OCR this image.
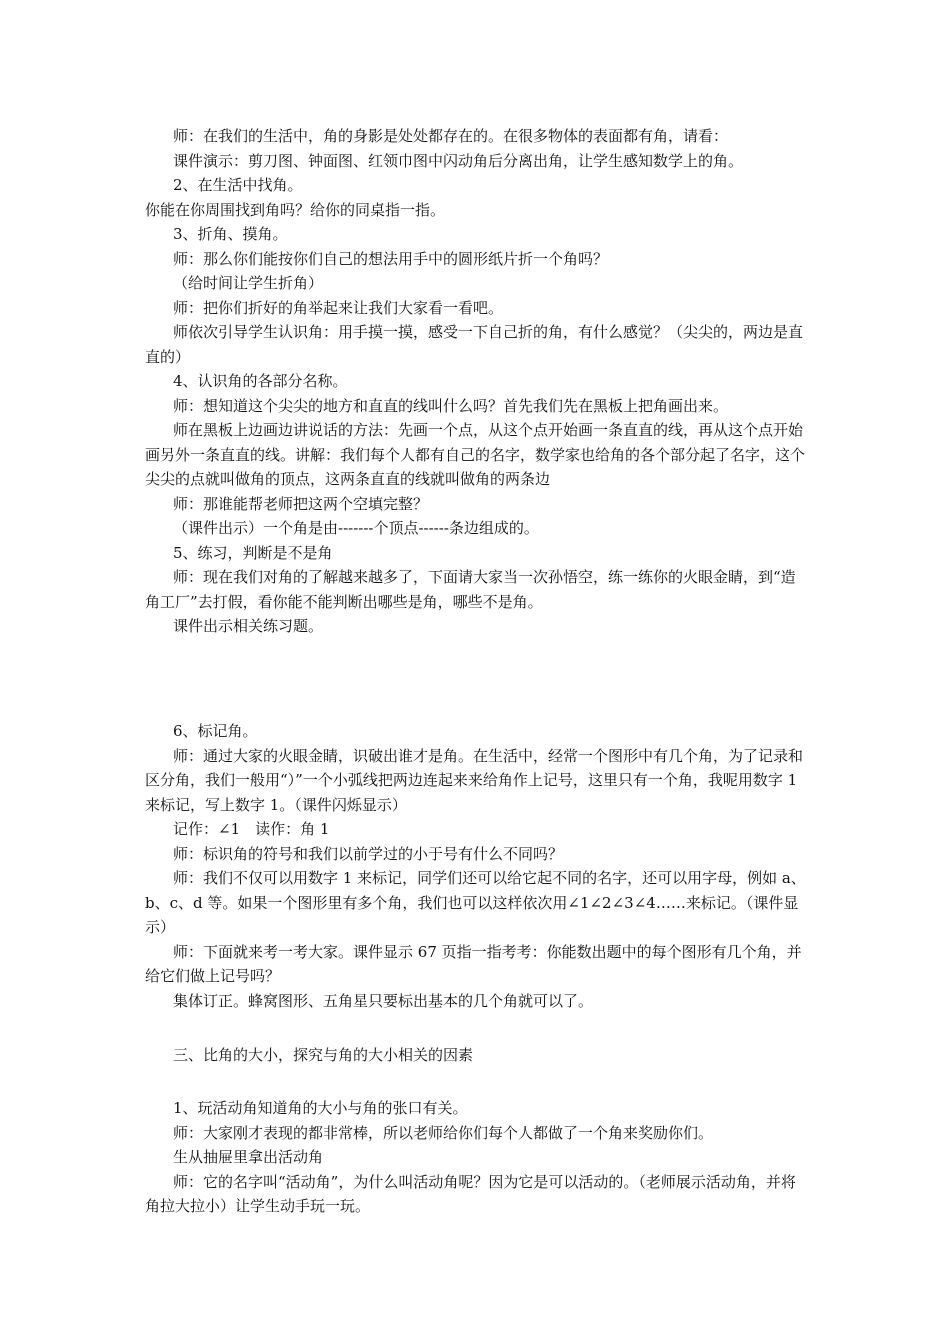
师：在我们的生活中，角的身影是处处都存在的。在很多物体的表面都有角，请看：

课件演示：剪刀图、钟面图、红领巾图中闪动角后分离出角，让学生感知数学上的角。

2、在生活中找角。

你能在你周围找到角吗？给你的同桌指一指。

3、折角、摸角。

师：那么你们能按你们自己的想法用手中的圆形纸片折一个角吗？

（给时间让学生折角）

师：把你们折好的角举起来让我们大家看一看吧。

师依次引导学生认识角：用手摸一摸，感受一下自己折的角，有什么感觉？（尖尖的，两边是直直的）

4、认识角的各部分名称。

师：想知道这个尖尖的地方和直直的线叫什么吗？首先我们先在黑板上把角画出来。

师在黑板上边画边讲说话的方法：先画一个点，从这个点开始画一条直直的线，再从这个点开始画另外一条直直的线。讲解：我们每个人都有自己的名字，数学家也给角的各个部分起了名字，这个尖尖的点就叫做角的顶点，这两条直直的线就叫做角的两条边

师：那谁能帮老师把这两个空填完整？

（课件出示）一个角是由-------个顶点------条边组成的。

5、练习，判断是不是角

师：现在我们对角的了解越来越多了，下面请大家当一次孙悟空，练一练你的火眼金睛，到“造角工厂”去打假，看你能不能判断出哪些是角，哪些不是角。

课件出示相关练习题。

6、标记角。

师：通过大家的火眼金睛，识破出谁才是角。在生活中，经常一个图形中有几个角，为了记录和区分角，我们一般用“）”一个小弧线把两边连起来来给角作上记号，这里只有一个角，我呢用数字 1 来标记，写上数字 1。（课件闪烁显示）

记作：∠1　读作：角 1

师：标识角的符号和我们以前学过的小于号有什么不同吗？

师：我们不仅可以用数字 1 来标记，同学们还可以给它起不同的名字，还可以用字母，例如 a、b、c、d 等。如果一个图形里有多个角，我们也可以这样依次用∠1∠2∠3∠4……来标记。（课件显示）

师：下面就来考一考大家。课件显示 67 页指一指考考：你能数出题中的每个图形有几个角，并给它们做上记号吗？

集体订正。蜂窝图形、五角星只要标出基本的几个角就可以了。

三、比角的大小，探究与角的大小相关的因素

1、玩活动角知道角的大小与角的张口有关。

师：大家刚才表现的都非常棒，所以老师给你们每个人都做了一个角来奖励你们。

生从抽屉里拿出活动角

师：它的名字叫“活动角”，为什么叫活动角呢？因为它是可以活动的。（老师展示活动角，并将角拉大拉小）让学生动手玩一玩。
